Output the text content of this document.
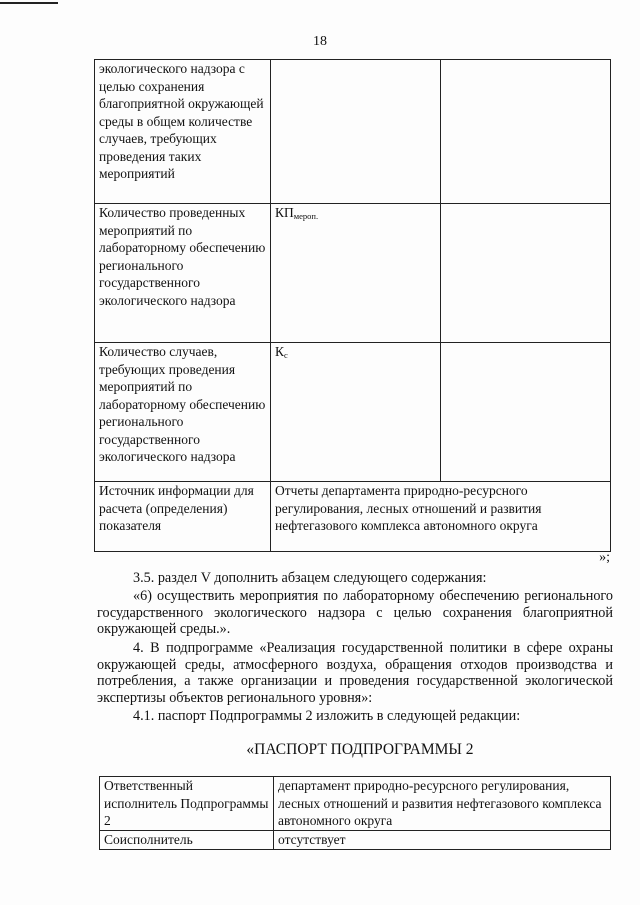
18
экологического надзора с целью сохранения благоприятной окружающей среды в общем количестве случаев, требующих проведения таких мероприятий		
Количество проведенных мероприятий по лабораторному обеспечению регионального государственного экологического надзора	$КП_{мероп.}$	
Количество случаев, требующих проведения мероприятий по лабораторному обеспечению регионального государственного экологического надзора	$К_с$	
Источник информации для расчета (определения) показателя	Отчеты департамента природно-ресурсного регулирования, лесных отношений и развития нефтегазового комплекса автономного округа	
»;

3.5. раздел V дополнить абзацем следующего содержания:

«6) осуществить мероприятия по лабораторному обеспечению регионального государственного экологического надзора с целью сохранения благоприятной окружающей среды.».

4. В подпрограмме «Реализация государственной политики в сфере охраны окружающей среды, атмосферного воздуха, обращения отходов производства и потребления, а также организации и проведения государственной экологической экспертизы объектов регионального уровня»:

4.1. паспорт Подпрограммы 2 изложить в следующей редакции:

«ПАСПОРТ ПОДПРОГРАММЫ 2
Ответственный исполнитель Подпрограммы 2	департамент природно-ресурсного регулирования, лесных отношений и развития нефтегазового комплекса автономного округа
Соисполнитель	отсутствует
